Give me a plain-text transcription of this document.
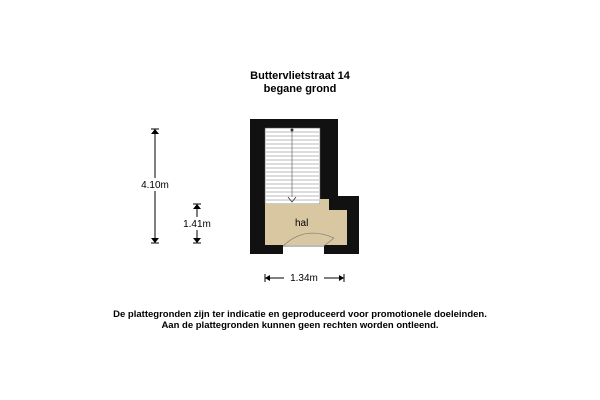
Buttervlietstraat 14
begane grond
hal
4.10m
1.41m
1.34m
De plattegronden zijn ter indicatie en geproduceerd voor promotionele doeleinden.
Aan de plattegronden kunnen geen rechten worden ontleend.
